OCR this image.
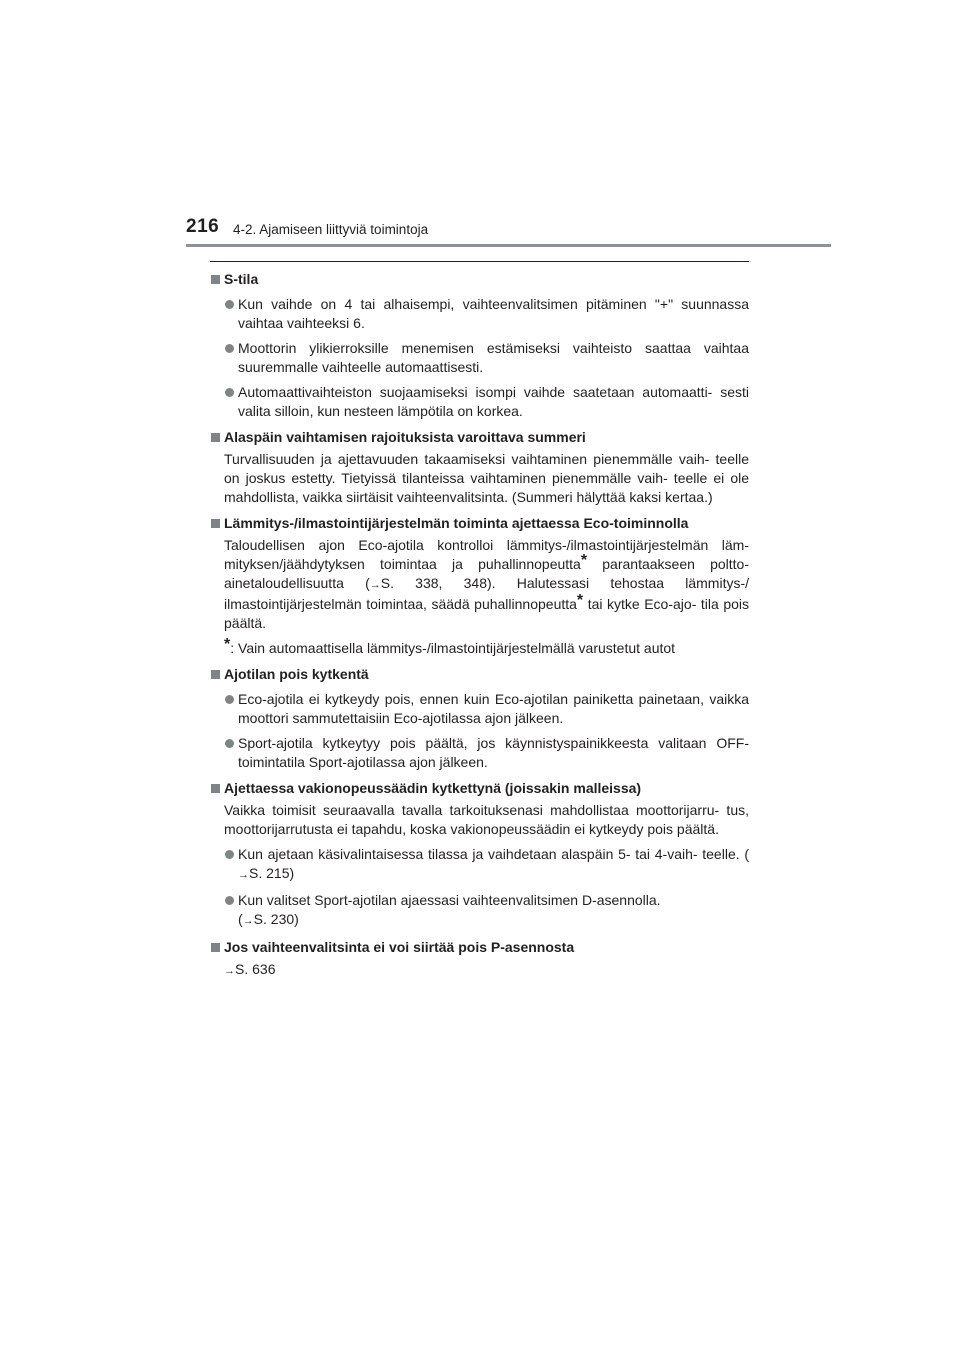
216 4-2. Ajamiseen liittyviä toimintoja
S-tila
Kun vaihde on 4 tai alhaisempi, vaihteenvalitsimen pitäminen "+" suunnassa vaihtaa vaihteeksi 6.
Moottorin ylikierroksille menemisen estämiseksi vaihteisto saattaa vaihtaa suuremmalle vaihteelle automaattisesti.
Automaattivaihteiston suojaamiseksi isompi vaihde saatetaan automaatti- sesti valita silloin, kun nesteen lämpötila on korkea.
Alaspäin vaihtamisen rajoituksista varoittava summeri
Turvallisuuden ja ajettavuuden takaamiseksi vaihtaminen pienemmälle vaih- teelle on joskus estetty. Tietyissä tilanteissa vaihtaminen pienemmälle vaih- teelle ei ole mahdollista, vaikka siirtäisit vaihteenvalitsinta. (Summeri hälyttää kaksi kertaa.)
Lämmitys-/ilmastointijärjestelmän toiminta ajettaessa Eco-toiminnolla
Taloudellisen ajon Eco-ajotila kontrolloi lämmitys-/ilmastointijärjestelmän läm- mityksen/jäähdytyksen toimintaa ja puhallinnopeutta* parantaakseen poltto- ainetaloudellisuutta (→S. 338, 348). Halutessasi tehostaa lämmitys-/ ilmastointijärjestelmän toimintaa, säädä puhallinnopeutta* tai kytke Eco-ajo- tila pois päältä.
*: Vain automaattisella lämmitys-/ilmastointijärjestelmällä varustetut autot
Ajotilan pois kytkentä
Eco-ajotila ei kytkeydy pois, ennen kuin Eco-ajotilan painiketta painetaan, vaikka moottori sammutettaisiin Eco-ajotilassa ajon jälkeen.
Sport-ajotila kytkeytyy pois päältä, jos käynnistyspainikkeesta valitaan OFF-toimintatila Sport-ajotilassa ajon jälkeen.
Ajettaessa vakionopeussäädin kytkettynä (joissakin malleissa)
Vaikka toimisit seuraavalla tavalla tarkoituksenasi mahdollistaa moottorijarru- tus, moottorijarrutusta ei tapahdu, koska vakionopeussäädin ei kytkeydy pois päältä.
Kun ajetaan käsivalintaisessa tilassa ja vaihdetaan alaspäin 5- tai 4-vaih- teelle. (→S. 215)
Kun valitset Sport-ajotilan ajaessasi vaihteenvalitsimen D-asennolla.
(→S. 230)
Jos vaihteenvalitsinta ei voi siirtää pois P-asennosta
→S. 636
